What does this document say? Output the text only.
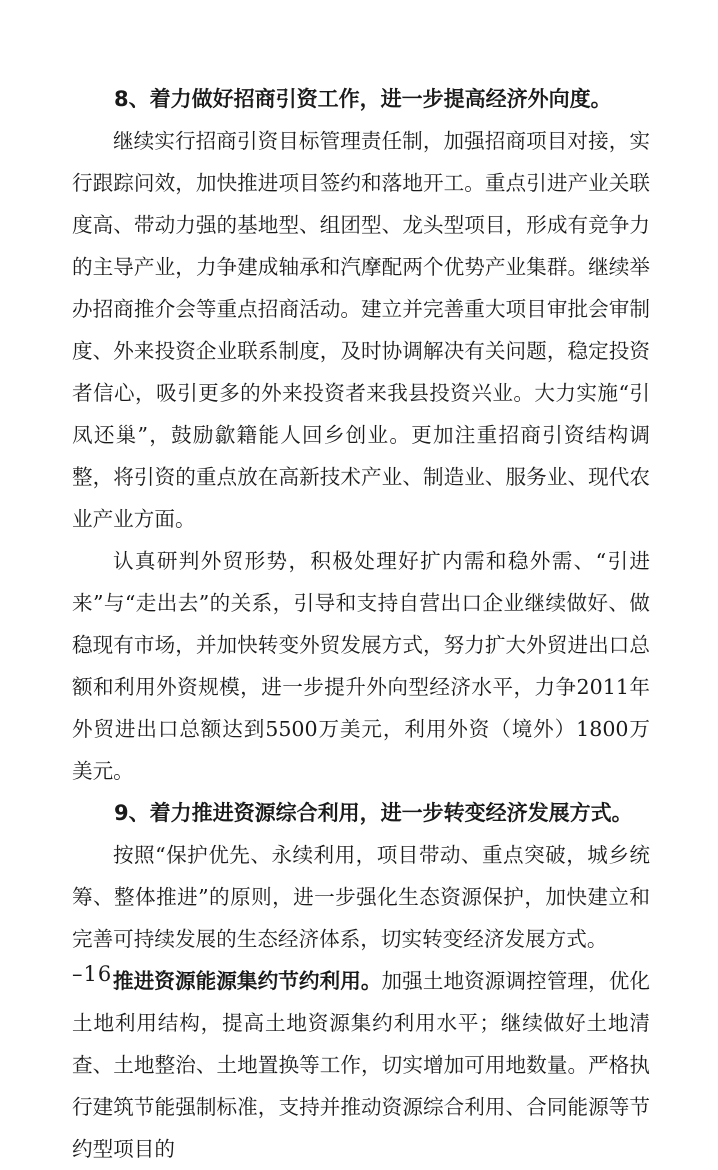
8、着力做好招商引资工作，进一步提高经济外向度。

继续实行招商引资目标管理责任制，加强招商项目对接，实行跟踪问效，加快推进项目签约和落地开工。重点引进产业关联度高、带动力强的基地型、组团型、龙头型项目，形成有竞争力的主导产业，力争建成轴承和汽摩配两个优势产业集群。继续举办招商推介会等重点招商活动。建立并完善重大项目审批会审制度、外来投资企业联系制度，及时协调解决有关问题，稳定投资者信心，吸引更多的外来投资者来我县投资兴业。大力实施“引凤还巢”，鼓励歙籍能人回乡创业。更加注重招商引资结构调整，将引资的重点放在高新技术产业、制造业、服务业、现代农业产业方面。

认真研判外贸形势，积极处理好扩内需和稳外需、“引进来”与“走出去”的关系，引导和支持自营出口企业继续做好、做稳现有市场，并加快转变外贸发展方式，努力扩大外贸进出口总额和利用外资规模，进一步提升外向型经济水平，力争2011年外贸进出口总额达到5500万美元，利用外资（境外）1800万美元。

9、着力推进资源综合利用，进一步转变经济发展方式。

按照“保护优先、永续利用，项目带动、重点突破，城乡统筹、整体推进”的原则，进一步强化生态资源保护，加快建立和完善可持续发展的生态经济体系，切实转变经济发展方式。

推进资源能源集约节约利用。加强土地资源调控管理，优化土地利用结构，提高土地资源集约利用水平；继续做好土地清查、土地整治、土地置换等工作，切实增加可用地数量。严格执行建筑节能强制标准，支持并推动资源综合利用、合同能源等节约型项目的

–16–
